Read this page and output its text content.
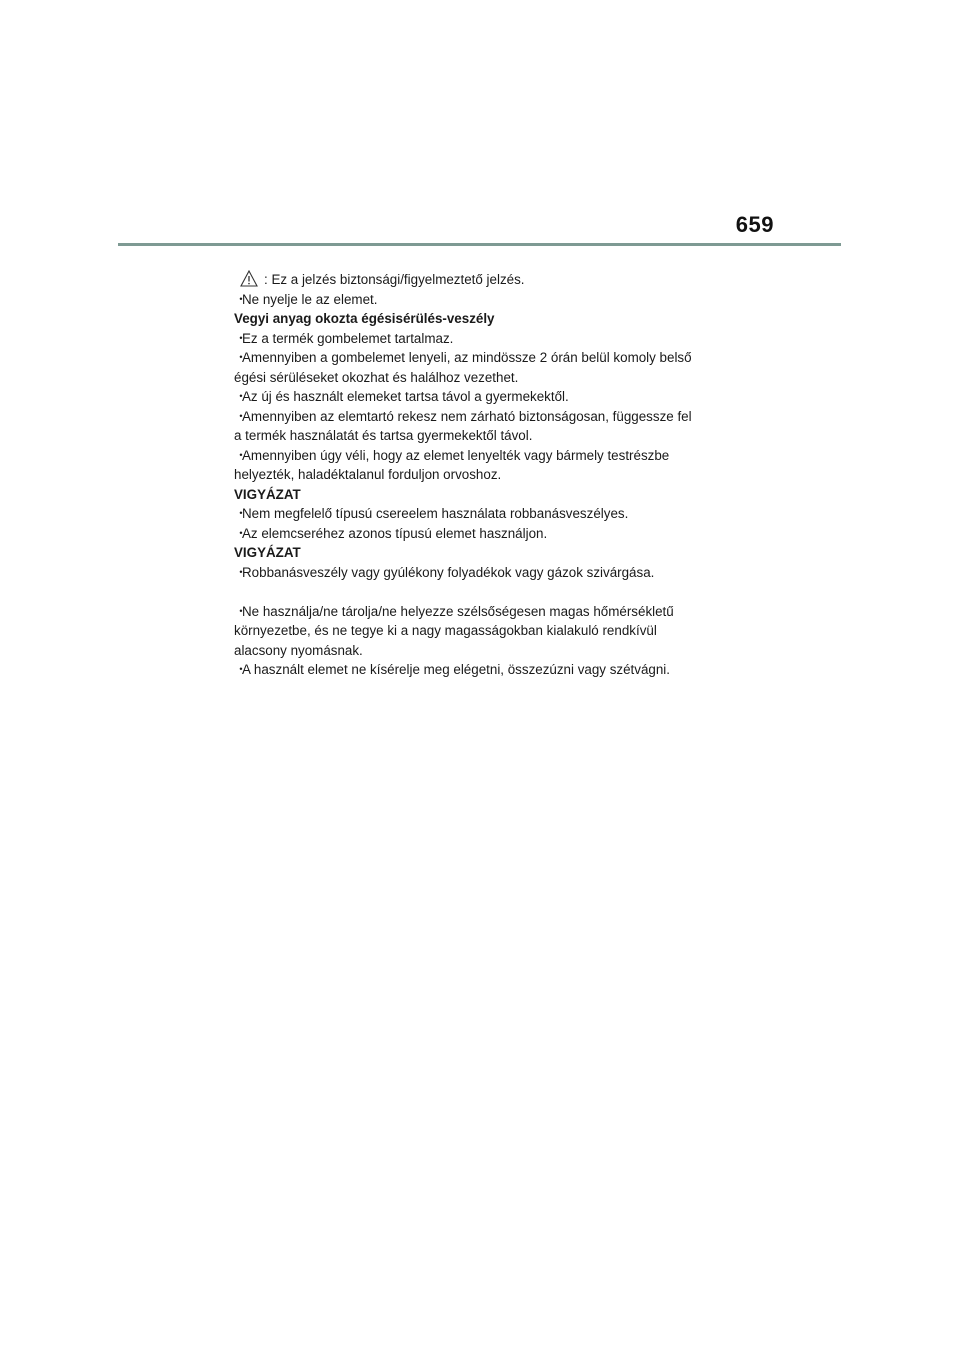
659
: Ez a jelzés biztonsági/figyelmeztető jelzés.
・Ne nyelje le az elemet.
Vegyi anyag okozta égésisérülés-veszély
・Ez a termék gombelemet tartalmaz.
・Amennyiben a gombelemet lenyeli, az mindössze 2 órán belül komoly belső
égési sérüléseket okozhat és halálhoz vezethet.
・Az új és használt elemeket tartsa távol a gyermekektől.
・Amennyiben az elemtartó rekesz nem zárható biztonságosan, függessze fel
a termék használatát és tartsa gyermekektől távol.
・Amennyiben úgy véli, hogy az elemet lenyelték vagy bármely testrészbe
helyezték, haladéktalanul forduljon orvoshoz.
VIGYÁZAT
・Nem megfelelő típusú csereelem használata robbanásveszélyes.
・Az elemcseréhez azonos típusú elemet használjon.
VIGYÁZAT
・Robbanásveszély vagy gyúlékony folyadékok vagy gázok szivárgása.
・Ne használja/ne tárolja/ne helyezze szélsőségesen magas hőmérsékletű
környezetbe, és ne tegye ki a nagy magasságokban kialakuló rendkívül
alacsony nyomásnak.
・A használt elemet ne kísérelje meg elégetni, összezúzni vagy szétvágni.
